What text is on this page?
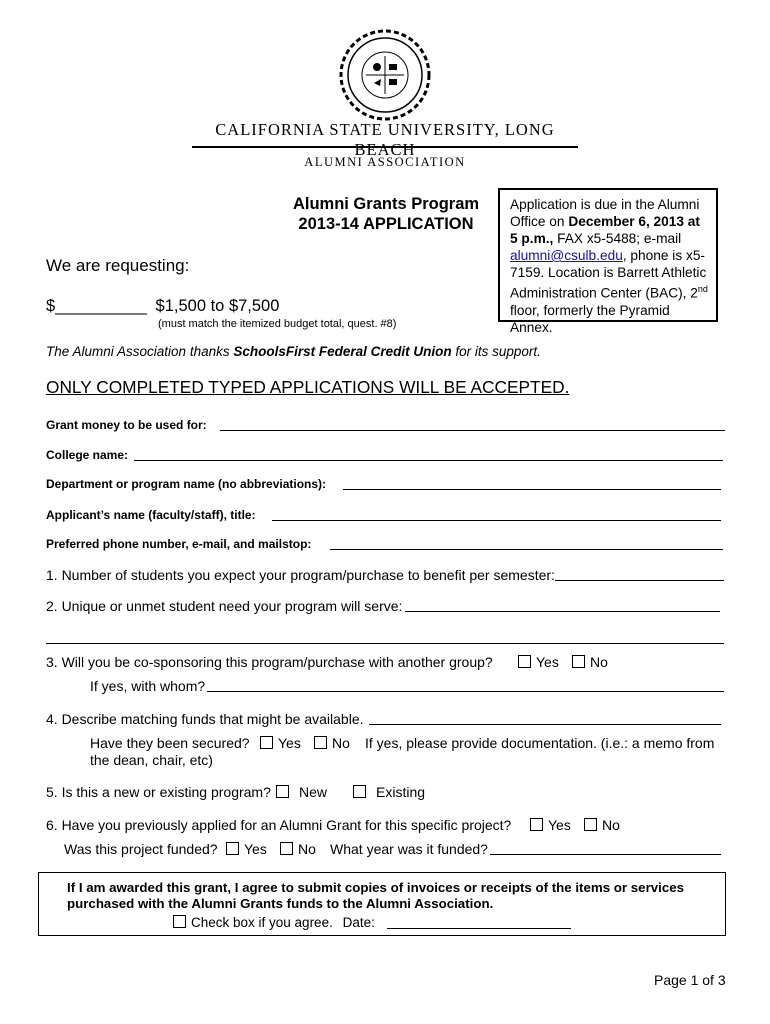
CALIFORNIA STATE UNIVERSITY, LONG BEACH
ALUMNI ASSOCIATION
Alumni Grants Program
2013-14 APPLICATION
Application is due in the Alumni Office on December 6, 2013 at 5 p.m., FAX x5-5488; e-mail alumni@csulb.edu, phone is x5-7159. Location is Barrett Athletic Administration Center (BAC), 2nd floor, formerly the Pyramid Annex.
We are requesting:
$__________ $1,500 to $7,500
(must match the itemized budget total, quest. #8)
The Alumni Association thanks SchoolsFirst Federal Credit Union for its support.
ONLY COMPLETED TYPED APPLICATIONS WILL BE ACCEPTED.
Grant money to be used for:
College name:
Department or program name (no abbreviations):
Applicant’s name (faculty/staff), title:
Preferred phone number, e-mail, and mailstop:
1. Number of students you expect your program/purchase to benefit per semester:
2. Unique or unmet student need your program will serve:
3. Will you be co-sponsoring this program/purchase with another group?	Yes	No
If yes, with whom?
4. Describe matching funds that might be available.
Have they been secured?	Yes	No If yes, please provide documentation. (i.e.: a memo from
the dean, chair, etc)
5. Is this a new or existing program?	New	Existing
6. Have you previously applied for an Alumni Grant for this specific project?	Yes	No
Was this project funded?	Yes	No What year was it funded?
If I am awarded this grant, I agree to submit copies of invoices or receipts of the items or services purchased with the Alumni Grants funds to the Alumni Association.
Check box if you agree. Date:
Page 1 of 3
